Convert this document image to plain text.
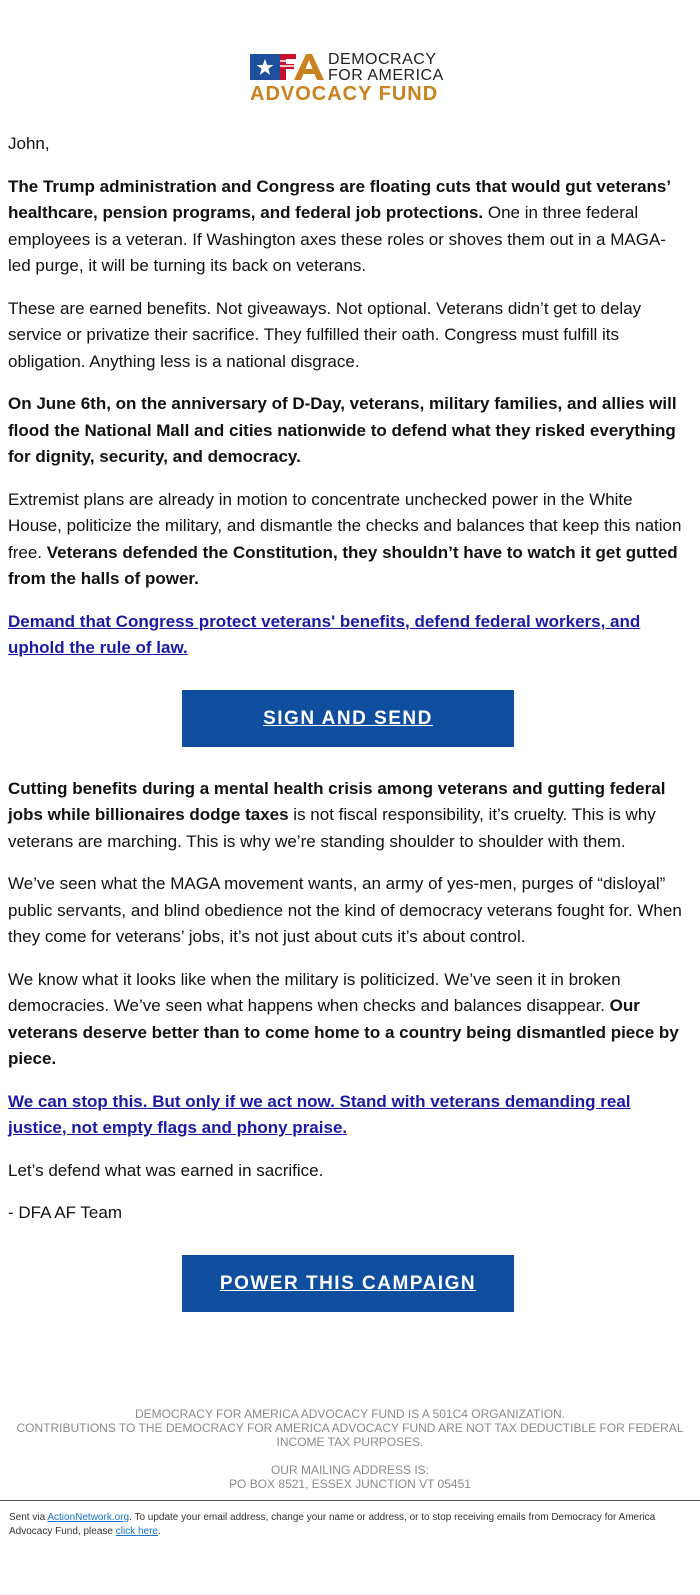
DEMOCRACY
FOR AMERICA
ADVOCACY FUND

John,

The Trump administration and Congress are floating cuts that would gut veterans’ healthcare, pension programs, and federal job protections. One in three federal employees is a veteran. If Washington axes these roles or shoves them out in a MAGA-led purge, it will be turning its back on veterans.

These are earned benefits. Not giveaways. Not optional. Veterans didn’t get to delay service or privatize their sacrifice. They fulfilled their oath. Congress must fulfill its obligation. Anything less is a national disgrace.

On June 6th, on the anniversary of D-Day, veterans, military families, and allies will flood the National Mall and cities nationwide to defend what they risked everything for dignity, security, and democracy.

Extremist plans are already in motion to concentrate unchecked power in the White House, politicize the military, and dismantle the checks and balances that keep this nation free. Veterans defended the Constitution, they shouldn’t have to watch it get gutted from the halls of power.

Demand that Congress protect veterans' benefits, defend federal workers, and uphold the rule of law.

SIGN AND SEND

Cutting benefits during a mental health crisis among veterans and gutting federal jobs while billionaires dodge taxes is not fiscal responsibility, it’s cruelty. This is why veterans are marching. This is why we’re standing shoulder to shoulder with them.

We’ve seen what the MAGA movement wants, an army of yes-men, purges of “disloyal” public servants, and blind obedience not the kind of democracy veterans fought for. When they come for veterans’ jobs, it’s not just about cuts it’s about control.

We know what it looks like when the military is politicized. We’ve seen it in broken democracies. We’ve seen what happens when checks and balances disappear. Our veterans deserve better than to come home to a country being dismantled piece by piece.

We can stop this. But only if we act now. Stand with veterans demanding real justice, not empty flags and phony praise.

Let’s defend what was earned in sacrifice.

- DFA AF Team

POWER THIS CAMPAIGN
DEMOCRACY FOR AMERICA ADVOCACY FUND IS A 501C4 ORGANIZATION.
CONTRIBUTIONS TO THE DEMOCRACY FOR AMERICA ADVOCACY FUND ARE NOT TAX DEDUCTIBLE FOR FEDERAL INCOME TAX PURPOSES.
OUR MAILING ADDRESS IS:
PO BOX 8521, ESSEX JUNCTION VT 05451
Sent via ActionNetwork.org. To update your email address, change your name or address, or to stop receiving emails from Democracy for America Advocacy Fund, please click here.
